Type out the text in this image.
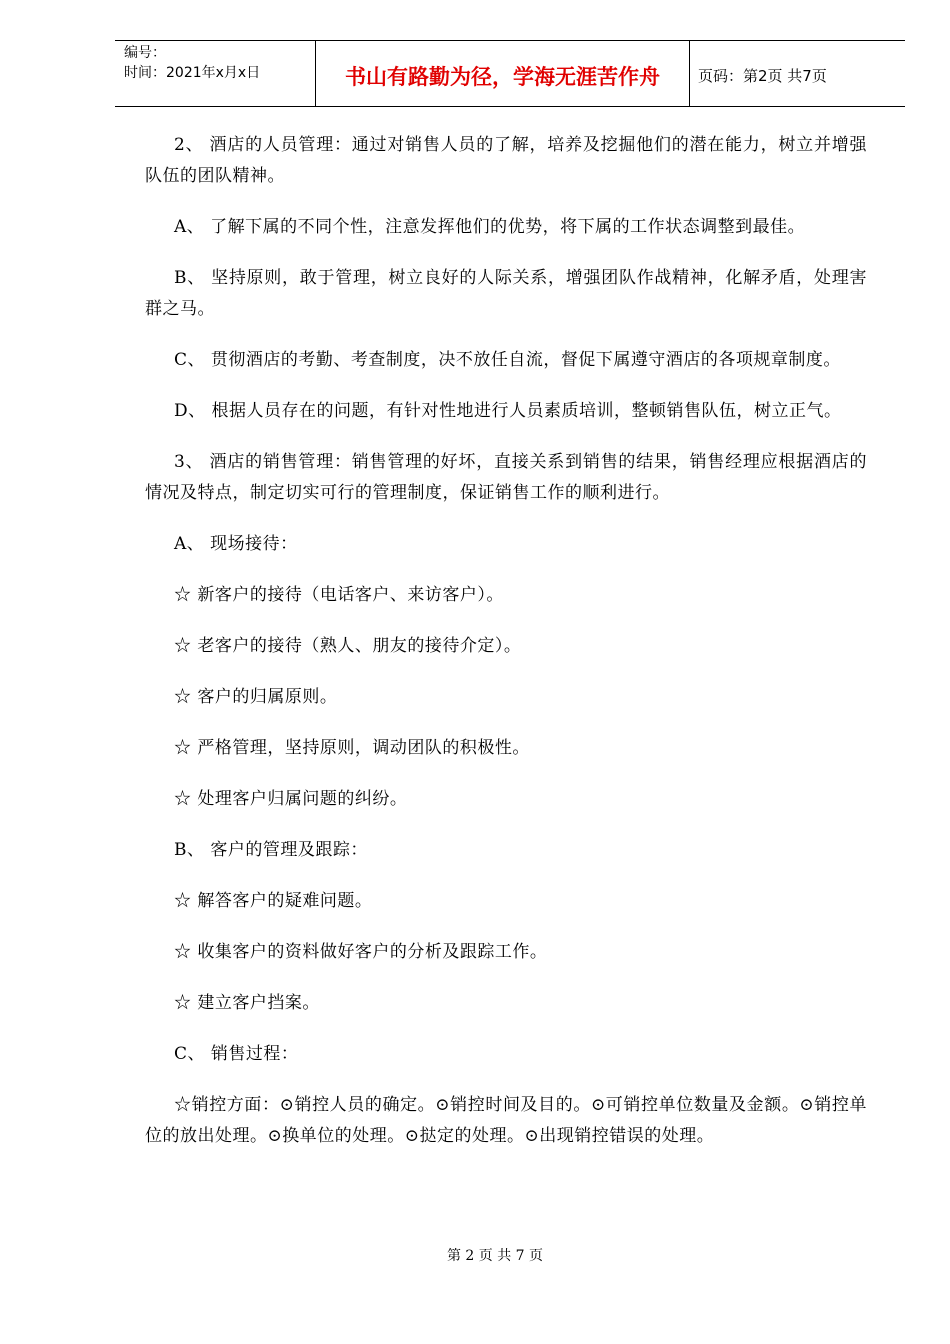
编号：
时间：2021年x月x日	书山有路勤为径，学海无涯苦作舟	页码：第2页 共7页

2、 酒店的人员管理：通过对销售人员的了解，培养及挖掘他们的潜在能力，树立并增强队伍的团队精神。

A、 了解下属的不同个性，注意发挥他们的优势，将下属的工作状态调整到最佳。

B、 坚持原则，敢于管理，树立良好的人际关系，增强团队作战精神，化解矛盾，处理害群之马。

C、 贯彻酒店的考勤、考查制度，决不放任自流，督促下属遵守酒店的各项规章制度。

D、 根据人员存在的问题，有针对性地进行人员素质培训，整顿销售队伍，树立正气。

3、 酒店的销售管理：销售管理的好坏，直接关系到销售的结果，销售经理应根据酒店的情况及特点，制定切实可行的管理制度，保证销售工作的顺利进行。

A、 现场接待：

☆ 新客户的接待（电话客户、来访客户）。

☆ 老客户的接待（熟人、朋友的接待介定）。

☆ 客户的归属原则。

☆ 严格管理，坚持原则，调动团队的积极性。

☆ 处理客户归属问题的纠纷。

B、 客户的管理及跟踪：

☆ 解答客户的疑难问题。

☆ 收集客户的资料做好客户的分析及跟踪工作。

☆ 建立客户挡案。

C、 销售过程：

☆销控方面：⊙销控人员的确定。⊙销控时间及目的。⊙可销控单位数量及金额。⊙销控单位的放出处理。⊙换单位的处理。⊙挞定的处理。⊙出现销控错误的处理。

第 2 页 共 7 页
